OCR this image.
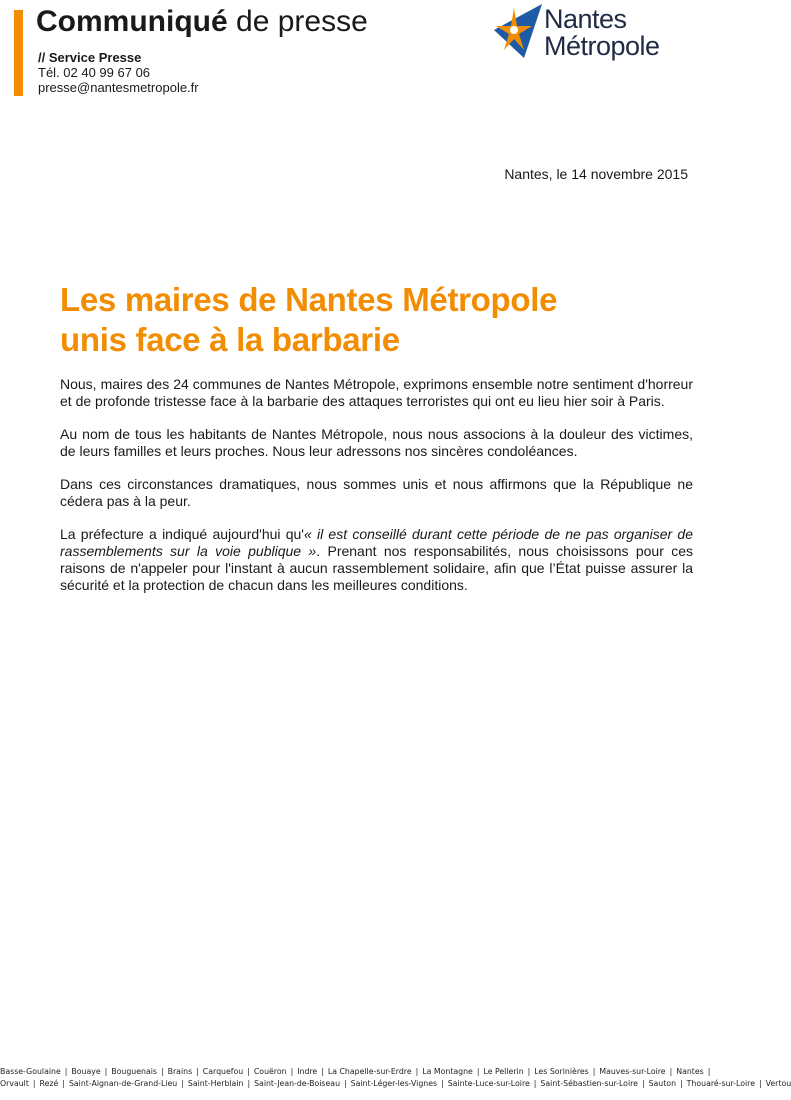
Communiqué de presse
// Service Presse
Tél. 02 40 99 67 06
presse@nantesmetropole.fr
Nantes
Métropole
Nantes, le 14 novembre 2015
Les maires de Nantes Métropole
unis face à la barbarie

Nous, maires des 24 communes de Nantes Métropole, exprimons ensemble notre sentiment d'horreur et de profonde tristesse face à la barbarie des attaques terroristes qui ont eu lieu hier soir à Paris.

Au nom de tous les habitants de Nantes Métropole, nous nous associons à la douleur des victimes, de leurs familles et leurs proches. Nous leur adressons nos sincères condoléances.

Dans ces circonstances dramatiques, nous sommes unis et nous affirmons que la République ne cédera pas à la peur.

La préfecture a indiqué aujourd'hui qu'« il est conseillé durant cette période de ne pas organiser de rassemblements sur la voie publique ». Prenant nos responsabilités, nous choisissons pour ces raisons de n'appeler pour l'instant à aucun rassemblement solidaire, afin que l’État puisse assurer la sécurité et la protection de chacun dans les meilleures conditions.

Basse-Goulaine | Bouaye | Bouguenais | Brains | Carquefou | Couëron | Indre | La Chapelle-sur-Erdre | La Montagne | Le Pellerin | Les Sorinières | Mauves-sur-Loire | Nantes |
Orvault | Rezé | Saint-Aignan-de-Grand-Lieu | Saint-Herblain | Saint-Jean-de-Boiseau | Saint-Léger-les-Vignes | Sainte-Luce-sur-Loire | Saint-Sébastien-sur-Loire | Sauton | Thouaré-sur-Loire | Vertou
